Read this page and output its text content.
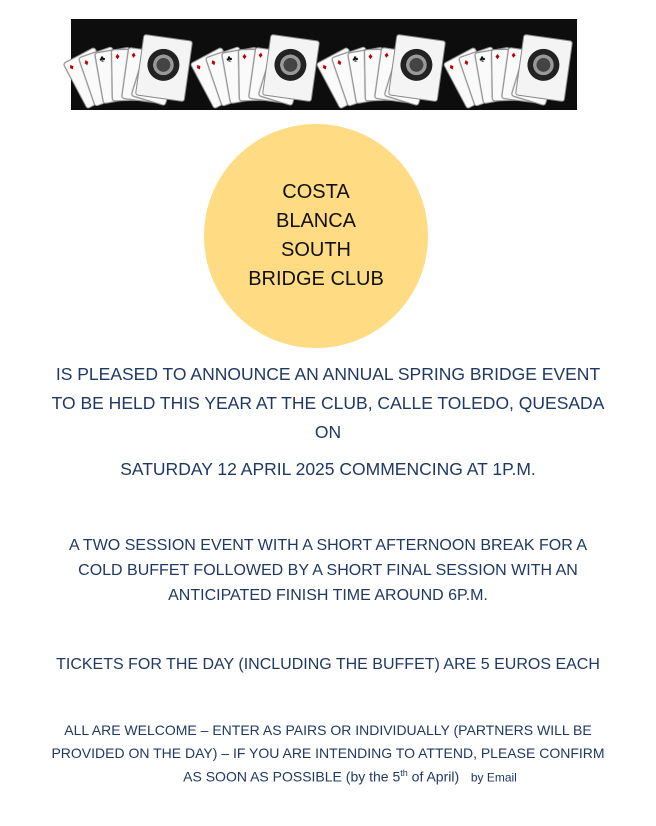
♦ ♦ ♣ ♦ ♦
♦ ♦ ♣ ♦ ♦
♦ ♦ ♣ ♦ ♦
♦ ♦ ♣ ♦ ♦
COSTA
BLANCA
SOUTH
BRIDGE CLUB

IS PLEASED TO ANNOUNCE AN ANNUAL SPRING BRIDGE EVENT

TO BE HELD THIS YEAR AT THE CLUB, CALLE TOLEDO, QUESADA

ON

SATURDAY 12 APRIL 2025 COMMENCING AT 1P.M.

A TWO SESSION EVENT WITH A SHORT AFTERNOON BREAK FOR A

COLD BUFFET FOLLOWED BY A SHORT FINAL SESSION WITH AN

ANTICIPATED FINISH TIME AROUND 6P.M.

TICKETS FOR THE DAY (INCLUDING THE BUFFET) ARE 5 EUROS EACH

ALL ARE WELCOME – ENTER AS PAIRS OR INDIVIDUALLY (PARTNERS WILL BE

PROVIDED ON THE DAY) – IF YOU ARE INTENDING TO ATTEND, PLEASE CONFIRM

AS SOON AS POSSIBLE (by the 5th of April) by Email
